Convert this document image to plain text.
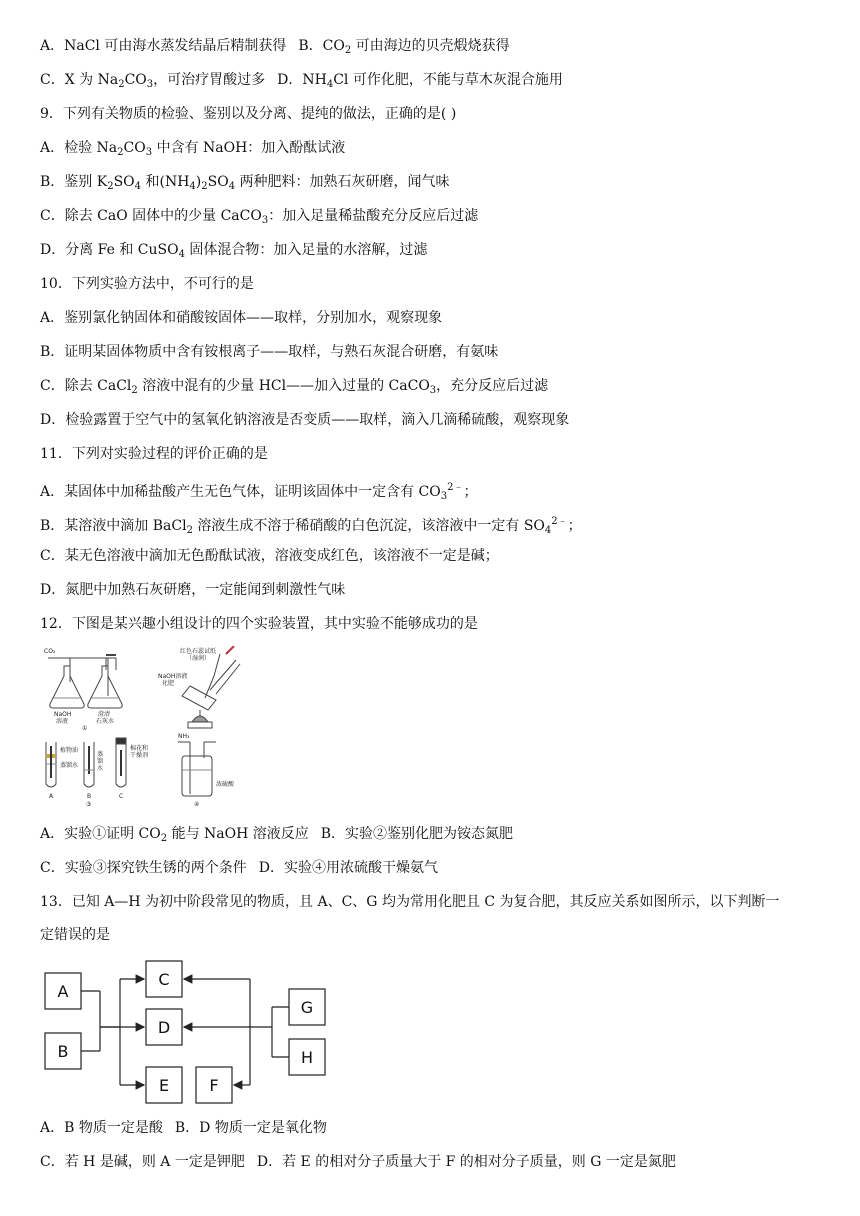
A．NaCl 可由海水蒸发结晶后精制获得 B．$CO_2$ 可由海边的贝壳煅烧获得
C．X 为 $Na_2CO_3$，可治疗胃酸过多 D．$NH_4Cl$ 可作化肥，不能与草木灰混合施用
9．下列有关物质的检验、鉴别以及分离、提纯的做法，正确的是( )
A．检验 $Na_2CO_3$ 中含有 NaOH：加入酚酞试液
B．鉴别 $K_2SO_4$ 和$(NH_4)_2SO_4$ 两种肥料：加熟石灰研磨，闻气味
C．除去 CaO 固体中的少量 CaCO$_3$：加入足量稀盐酸充分反应后过滤
D．分离 Fe 和 CuSO$_4$ 固体混合物：加入足量的水溶解，过滤
10．下列实验方法中，不可行的是
A．鉴别氯化钠固体和硝酸铵固体——取样，分别加水，观察现象
B．证明某固体物质中含有铵根离子——取样，与熟石灰混合研磨，有氨味
C．除去 CaCl$_2$ 溶液中混有的少量 HCl——加入过量的 CaCO$_3$，充分反应后过滤
D．检验露置于空气中的氢氧化钠溶液是否变质——取样，滴入几滴稀硫酸，观察现象
11．下列对实验过程的评价正确的是
A．某固体中加稀盐酸产生无色气体，证明该固体中一定含有 $CO_3^{2﹣}$；
B．某溶液中滴加 BaCl$_2$ 溶液生成不溶于稀硝酸的白色沉淀，该溶液中一定有 $SO_4^{2﹣}$；
C．某无色溶液中滴加无色酚酞试液，溶液变成红色，该溶液不一定是碱；
D．氮肥中加熟石灰研磨，一定能闻到刺激性气味
12．下图是某兴趣小组设计的四个实验装置，其中实验不能够成功的是
CO₂
NaOH
溶液
澄清
石灰水
①
红色石蕊试纸
（湿润）
NaOH溶液
化肥
植物油
蒸馏水
蒸
馏
水
棉花和
干燥剂
A	B	C
③
NH₃
浓硫酸
④
A．实验①证明 $CO_2$ 能与 NaOH 溶液反应 B．实验②鉴别化肥为铵态氮肥
C．实验③探究铁生锈的两个条件 D．实验④用浓硫酸干燥氨气
13．已知 A—H 为初中阶段常见的物质，且 A、C、G 均为常用化肥且 C 为复合肥，其反应关系如图所示，以下判断一
定错误的是
A
B
C
D
E	F
G
H
A．B 物质一定是酸 B．D 物质一定是氧化物
C．若 H 是碱，则 A 一定是钾肥 D．若 E 的相对分子质量大于 F 的相对分子质量，则 G 一定是氮肥
